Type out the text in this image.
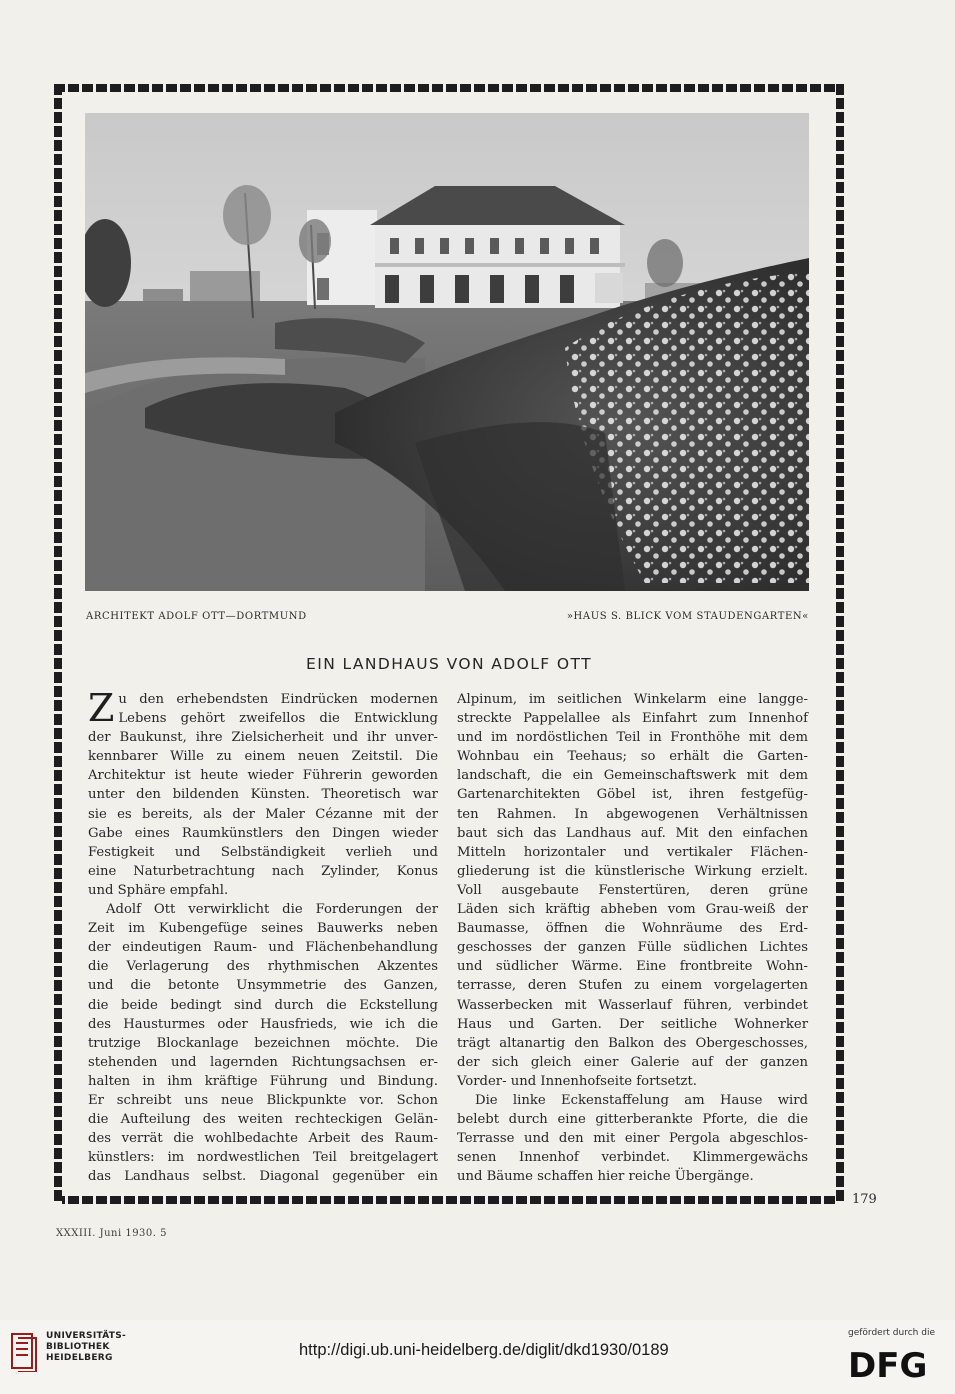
ARCHITEKT ADOLF OTT—DORTMUND	»HAUS S. BLICK VOM STAUDENGARTEN«
EIN LANDHAUS VON ADOLF OTT
Z u den erhebendsten Eindrücken modernen
Lebens gehört zweifellos die Entwicklung
der Baukunst, ihre Zielsicherheit und ihr unver-
kennbarer Wille zu einem neuen Zeitstil. Die
Architektur ist heute wieder Führerin geworden
unter den bildenden Künsten. Theoretisch war
sie es bereits, als der Maler Cézanne mit der
Gabe eines Raumkünstlers den Dingen wieder
Festigkeit und Selbständigkeit verlieh und
eine Naturbetrachtung nach Zylinder, Konus
und Sphäre empfahl.
Adolf Ott verwirklicht die Forderungen der
Zeit im Kubengefüge seines Bauwerks neben
der eindeutigen Raum- und Flächenbehandlung
die Verlagerung des rhythmischen Akzentes
und die betonte Unsymmetrie des Ganzen,
die beide bedingt sind durch die Eckstellung
des Hausturmes oder Hausfrieds, wie ich die
trutzige Blockanlage bezeichnen möchte. Die
stehenden und lagernden Richtungsachsen er-
halten in ihm kräftige Führung und Bindung.
Er schreibt uns neue Blickpunkte vor. Schon
die Aufteilung des weiten rechteckigen Gelän-
des verrät die wohlbedachte Arbeit des Raum-
künstlers: im nordwestlichen Teil breitgelagert
das Landhaus selbst. Diagonal gegenüber ein
Alpinum, im seitlichen Winkelarm eine langge-
streckte Pappelallee als Einfahrt zum Innenhof
und im nordöstlichen Teil in Fronthöhe mit dem
Wohnbau ein Teehaus; so erhält die Garten-
landschaft, die ein Gemeinschaftswerk mit dem
Gartenarchitekten Göbel ist, ihren festgefüg-
ten Rahmen. In abgewogenen Verhältnissen
baut sich das Landhaus auf. Mit den einfachen
Mitteln horizontaler und vertikaler Flächen-
gliederung ist die künstlerische Wirkung erzielt.
Voll ausgebaute Fenstertüren, deren grüne
Läden sich kräftig abheben vom Grau-weiß der
Baumasse, öffnen die Wohnräume des Erd-
geschosses der ganzen Fülle südlichen Lichtes
und südlicher Wärme. Eine frontbreite Wohn-
terrasse, deren Stufen zu einem vorgelagerten
Wasserbecken mit Wasserlauf führen, verbindet
Haus und Garten. Der seitliche Wohnerker
trägt altanartig den Balkon des Obergeschosses,
der sich gleich einer Galerie auf der ganzen
Vorder- und Innenhofseite fortsetzt.
Die linke Eckenstaffelung am Hause wird
belebt durch eine gitterberankte Pforte, die die
Terrasse und den mit einer Pergola abgeschlos-
senen Innenhof verbindet. Klimmergewächs
und Bäume schaffen hier reiche Übergänge.
179
XXXIII. Juni 1930. 5
UNIVERSITÄTS-
BIBLIOTHEK
HEIDELBERG	http://digi.ub.uni-heidelberg.de/diglit/dkd1930/0189
gefördert durch die
DFG
